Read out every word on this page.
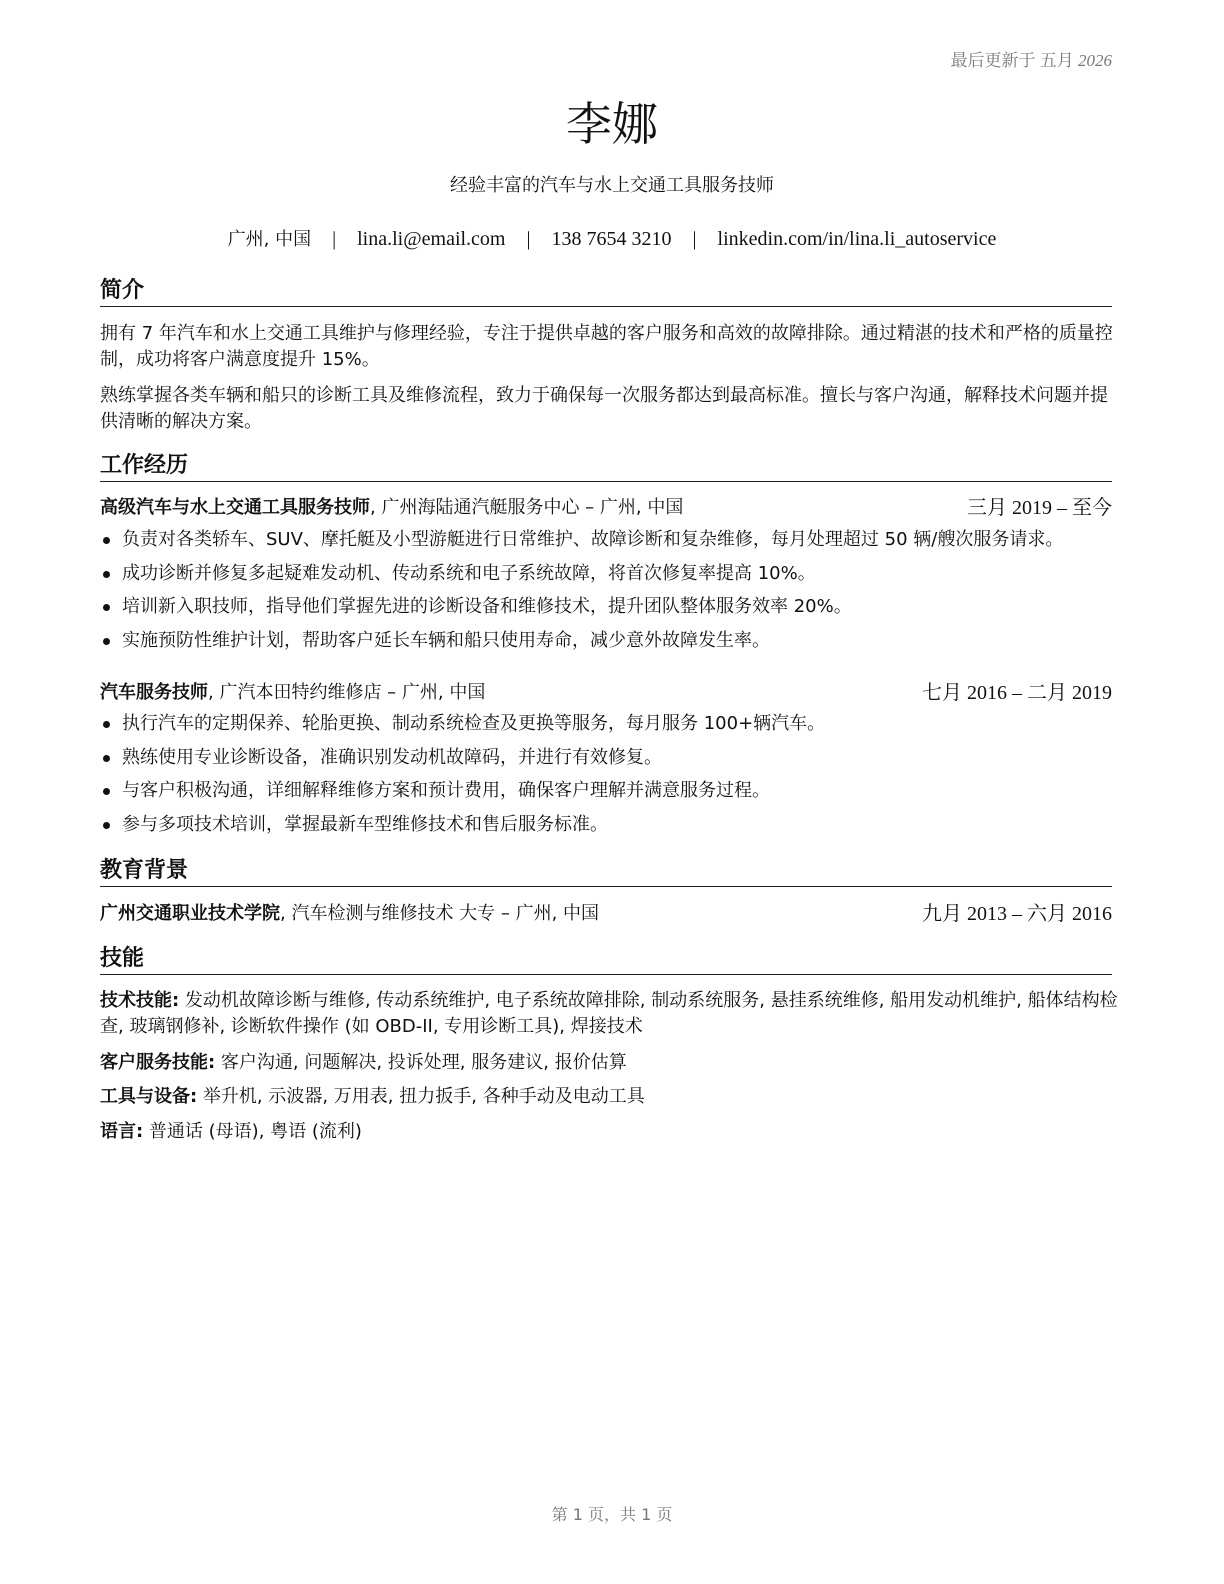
最后更新于 五月 2026
李娜
经验丰富的汽车与水上交通工具服务技师
广州, 中国 | lina.li@email.com | 138 7654 3210 | linkedin.com/in/lina.li_autoservice
简介
拥有 7 年汽车和水上交通工具维护与修理经验，专注于提供卓越的客户服务和高效的故障排除。通过精湛的技术和严格的质量控制，成功将客户满意度提升 15%。
熟练掌握各类车辆和船只的诊断工具及维修流程，致力于确保每一次服务都达到最高标准。擅长与客户沟通，解释技术问题并提供清晰的解决方案。
工作经历
高级汽车与水上交通工具服务技师, 广州海陆通汽艇服务中心 – 广州, 中国	三月 2019 – 至今
负责对各类轿车、SUV、摩托艇及小型游艇进行日常维护、故障诊断和复杂维修，每月处理超过 50 辆/艘次服务请求。
成功诊断并修复多起疑难发动机、传动系统和电子系统故障，将首次修复率提高 10%。
培训新入职技师，指导他们掌握先进的诊断设备和维修技术，提升团队整体服务效率 20%。
实施预防性维护计划，帮助客户延长车辆和船只使用寿命，减少意外故障发生率。
汽车服务技师, 广汽本田特约维修店 – 广州, 中国	七月 2016 – 二月 2019
执行汽车的定期保养、轮胎更换、制动系统检查及更换等服务，每月服务 100+辆汽车。
熟练使用专业诊断设备，准确识别发动机故障码，并进行有效修复。
与客户积极沟通，详细解释维修方案和预计费用，确保客户理解并满意服务过程。
参与多项技术培训，掌握最新车型维修技术和售后服务标准。
教育背景
广州交通职业技术学院, 汽车检测与维修技术 大专 – 广州, 中国	九月 2013 – 六月 2016
技能
技术技能: 发动机故障诊断与维修, 传动系统维护, 电子系统故障排除, 制动系统服务, 悬挂系统维修, 船用发动机维护, 船体结构检查, 玻璃钢修补, 诊断软件操作 (如 OBD-II, 专用诊断工具), 焊接技术
客户服务技能: 客户沟通, 问题解决, 投诉处理, 服务建议, 报价估算
工具与设备: 举升机, 示波器, 万用表, 扭力扳手, 各种手动及电动工具
语言: 普通话 (母语), 粤语 (流利)
第 1 页，共 1 页
